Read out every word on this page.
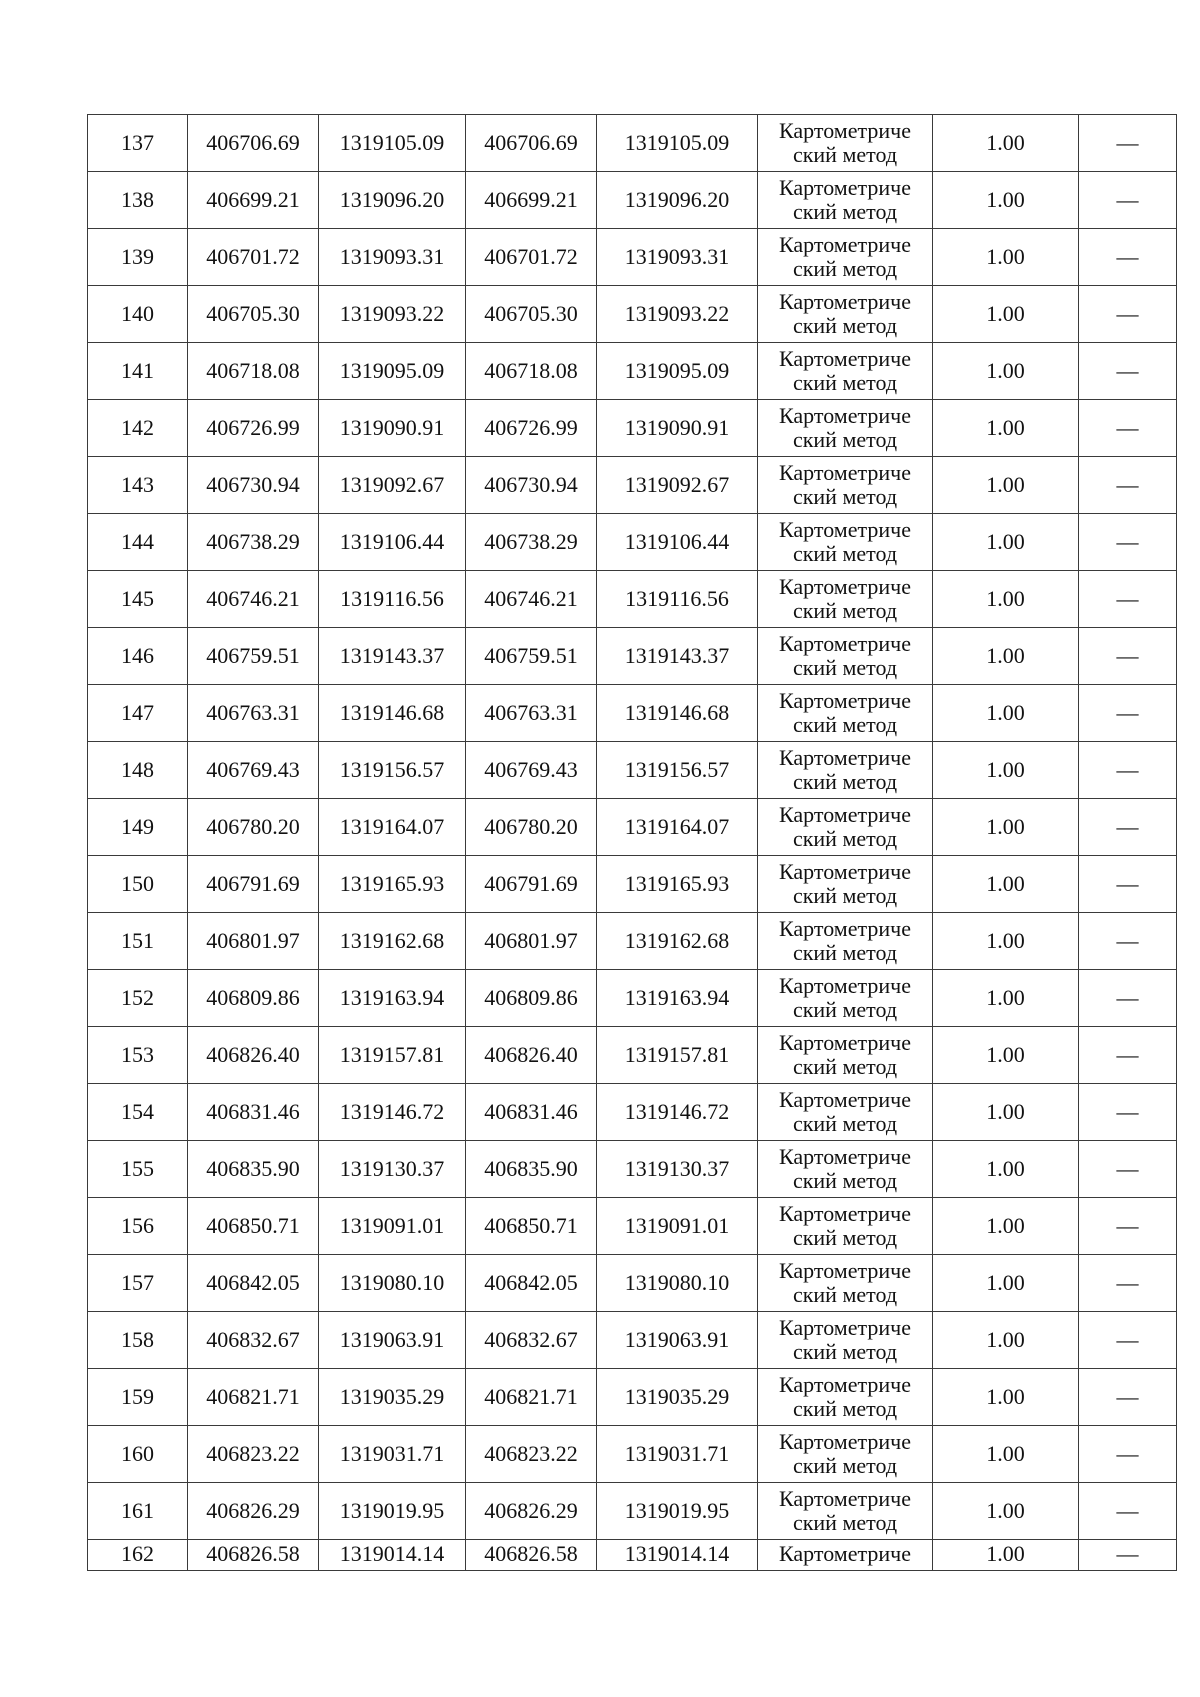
137	406706.69	1319105.09	406706.69	1319105.09	Картометрический метод	1.00	—
138	406699.21	1319096.20	406699.21	1319096.20	Картометрический метод	1.00	—
139	406701.72	1319093.31	406701.72	1319093.31	Картометрический метод	1.00	—
140	406705.30	1319093.22	406705.30	1319093.22	Картометрический метод	1.00	—
141	406718.08	1319095.09	406718.08	1319095.09	Картометрический метод	1.00	—
142	406726.99	1319090.91	406726.99	1319090.91	Картометрический метод	1.00	—
143	406730.94	1319092.67	406730.94	1319092.67	Картометрический метод	1.00	—
144	406738.29	1319106.44	406738.29	1319106.44	Картометрический метод	1.00	—
145	406746.21	1319116.56	406746.21	1319116.56	Картометрический метод	1.00	—
146	406759.51	1319143.37	406759.51	1319143.37	Картометрический метод	1.00	—
147	406763.31	1319146.68	406763.31	1319146.68	Картометрический метод	1.00	—
148	406769.43	1319156.57	406769.43	1319156.57	Картометрический метод	1.00	—
149	406780.20	1319164.07	406780.20	1319164.07	Картометрический метод	1.00	—
150	406791.69	1319165.93	406791.69	1319165.93	Картометрический метод	1.00	—
151	406801.97	1319162.68	406801.97	1319162.68	Картометрический метод	1.00	—
152	406809.86	1319163.94	406809.86	1319163.94	Картометрический метод	1.00	—
153	406826.40	1319157.81	406826.40	1319157.81	Картометрический метод	1.00	—
154	406831.46	1319146.72	406831.46	1319146.72	Картометрический метод	1.00	—
155	406835.90	1319130.37	406835.90	1319130.37	Картометрический метод	1.00	—
156	406850.71	1319091.01	406850.71	1319091.01	Картометрический метод	1.00	—
157	406842.05	1319080.10	406842.05	1319080.10	Картометрический метод	1.00	—
158	406832.67	1319063.91	406832.67	1319063.91	Картометрический метод	1.00	—
159	406821.71	1319035.29	406821.71	1319035.29	Картометрический метод	1.00	—
160	406823.22	1319031.71	406823.22	1319031.71	Картометрический метод	1.00	—
161	406826.29	1319019.95	406826.29	1319019.95	Картометрический метод	1.00	—
162	406826.58	1319014.14	406826.58	1319014.14	Картометриче	1.00	—
